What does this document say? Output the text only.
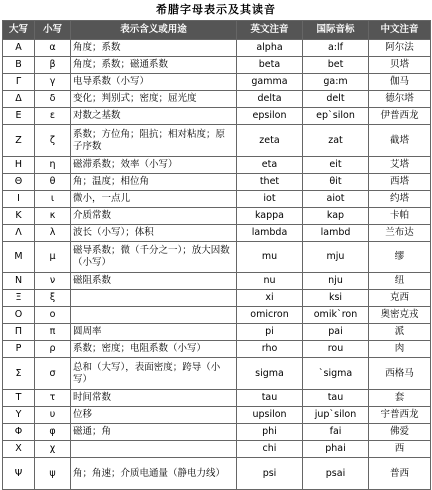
希腊字母表示及其读音
大写	小写	表示含义或用途	英文注音	国际音标	中文注音
Α	α	角度；系数	alpha	a:lf	阿尔法
Β	β	角度；系数；磁通系数	beta	bet	贝塔
Γ	γ	电导系数（小写）	gamma	ga:m	伽马
Δ	δ	变化；判别式；密度；屈光度	delta	delt	德尔塔
Ε	ε	对数之基数	epsilon	ep`silon	伊普西龙
Ζ	ζ	系数；方位角；阻抗；相对粘度；原子序数	zeta	zat	截塔
Η	η	磁滞系数；效率（小写）	eta	eit	艾塔
Θ	θ	角；温度；相位角	thet	θit	西塔
Ι	ι	微小，一点儿	iot	aiot	约塔
Κ	κ	介质常数	kappa	kap	卡帕
Λ	λ	波长（小写）；体积	lambda	lambd	兰布达
Μ	μ	磁导系数；微（千分之一）；放大因数（小写）	mu	mju	缪
Ν	ν	磁阻系数	nu	nju	纽
Ξ	ξ		xi	ksi	克西
Ο	ο		omicron	omik`ron	奥密克戎
Π	π	圆周率	pi	pai	派
Ρ	ρ	系数；密度；电阻系数（小写）	rho	rou	肉
Σ	σ	总和（大写），表面密度；跨导（小写）	sigma	`sigma	西格马
Τ	τ	时间常数	tau	tau	套
Υ	υ	位移	upsilon	jup`silon	宇普西龙
Φ	φ	磁通；角	phi	fai	佛爱
Χ	χ		chi	phai	西
Ψ	ψ	角；角速；介质电通量（静电力线）	psi	psai	普西
